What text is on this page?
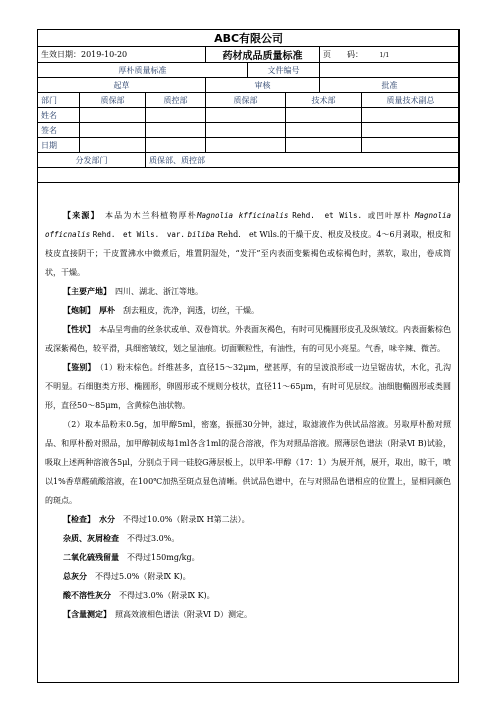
ABC有限公司							
生效日期：2019-10-20			药材成品质量标准			页　　码： 1/1	
厚朴质量标准				文件编号			
起草			审核			批准	
部门	质保部	质控部	质保部		技术部		质量技术副总
姓名							
签名							
日期							
分发部门		质保部、质控部					

【来源】　 本品为木兰科植物厚朴Magnolia kfficinalis Rehd.　et Wils. 或凹叶厚朴 Magnolia　officnalis Rehd.　et Wils.　var. biliba Rehd.　et Wils.的干燥干皮、根皮及枝皮。4～6月剥取，根皮和枝皮直接阴干；干皮置沸水中微煮后，堆置阴湿处，“发汗”至内表面变紫褐色或棕褐色时，蒸软，取出，卷成筒状，干燥。

【主要产地】　 四川、湖北、浙江等地。

【炮制】　 厚朴　 刮去粗皮，洗净，润透，切丝，干燥。

【性状】　 本品呈弯曲的丝条状或单、双卷筒状。外表面灰褐色，有时可见椭圆形皮孔及纵皱纹。内表面紫棕色或深紫褐色，较平滑，具细密皱纹，划之显油痕。切面颗粒性，有油性，有的可见小亮星。气香，味辛辣、微苦。

【鉴别】　 （1）粉末棕色。纤维甚多，直径15～32μm，壁甚厚，有的呈波浪形或一边呈锯齿状，木化，孔沟不明显。石细胞类方形、椭圆形，卵圆形或不规则分枝状，直径11～65μm，有时可见层纹。油细胞椭圆形或类圆形，直径50～85μm，含黄棕色油状物。

（2）取本品粉末0.5g，加甲醇5ml，密塞，振摇30分钟，滤过，取滤液作为供试品溶液。另取厚朴酚对照品、和厚朴酚对照品，加甲醇制成每1ml各含1ml的混合溶液，作为对照品溶液。照薄层色谱法（附录Ⅵ B)试验，吸取上述两种溶液各5μl，分别点于同一硅胶G薄层板上，以甲苯-甲醇（17：1）为展开剂，展开，取出，晾干，喷以1%香草醛硫酸溶液，在100℃加热至斑点显色清晰。供试品色谱中，在与对照品色谱相应的位置上，显相同颜色的斑点。

【检查】　 水分　 不得过10.0%（附录Ⅸ H第二法）。

杂质、灰屑检查　 不得过3.0%。

二氧化硫残留量　 不得过150mg/kg。

总灰分　 不得过5.0%（附录Ⅸ K)。

酸不溶性灰分　 不得过3.0%（附录Ⅸ K)。

【含量测定】　 照高效液相色谱法（附录Ⅵ D）测定。
